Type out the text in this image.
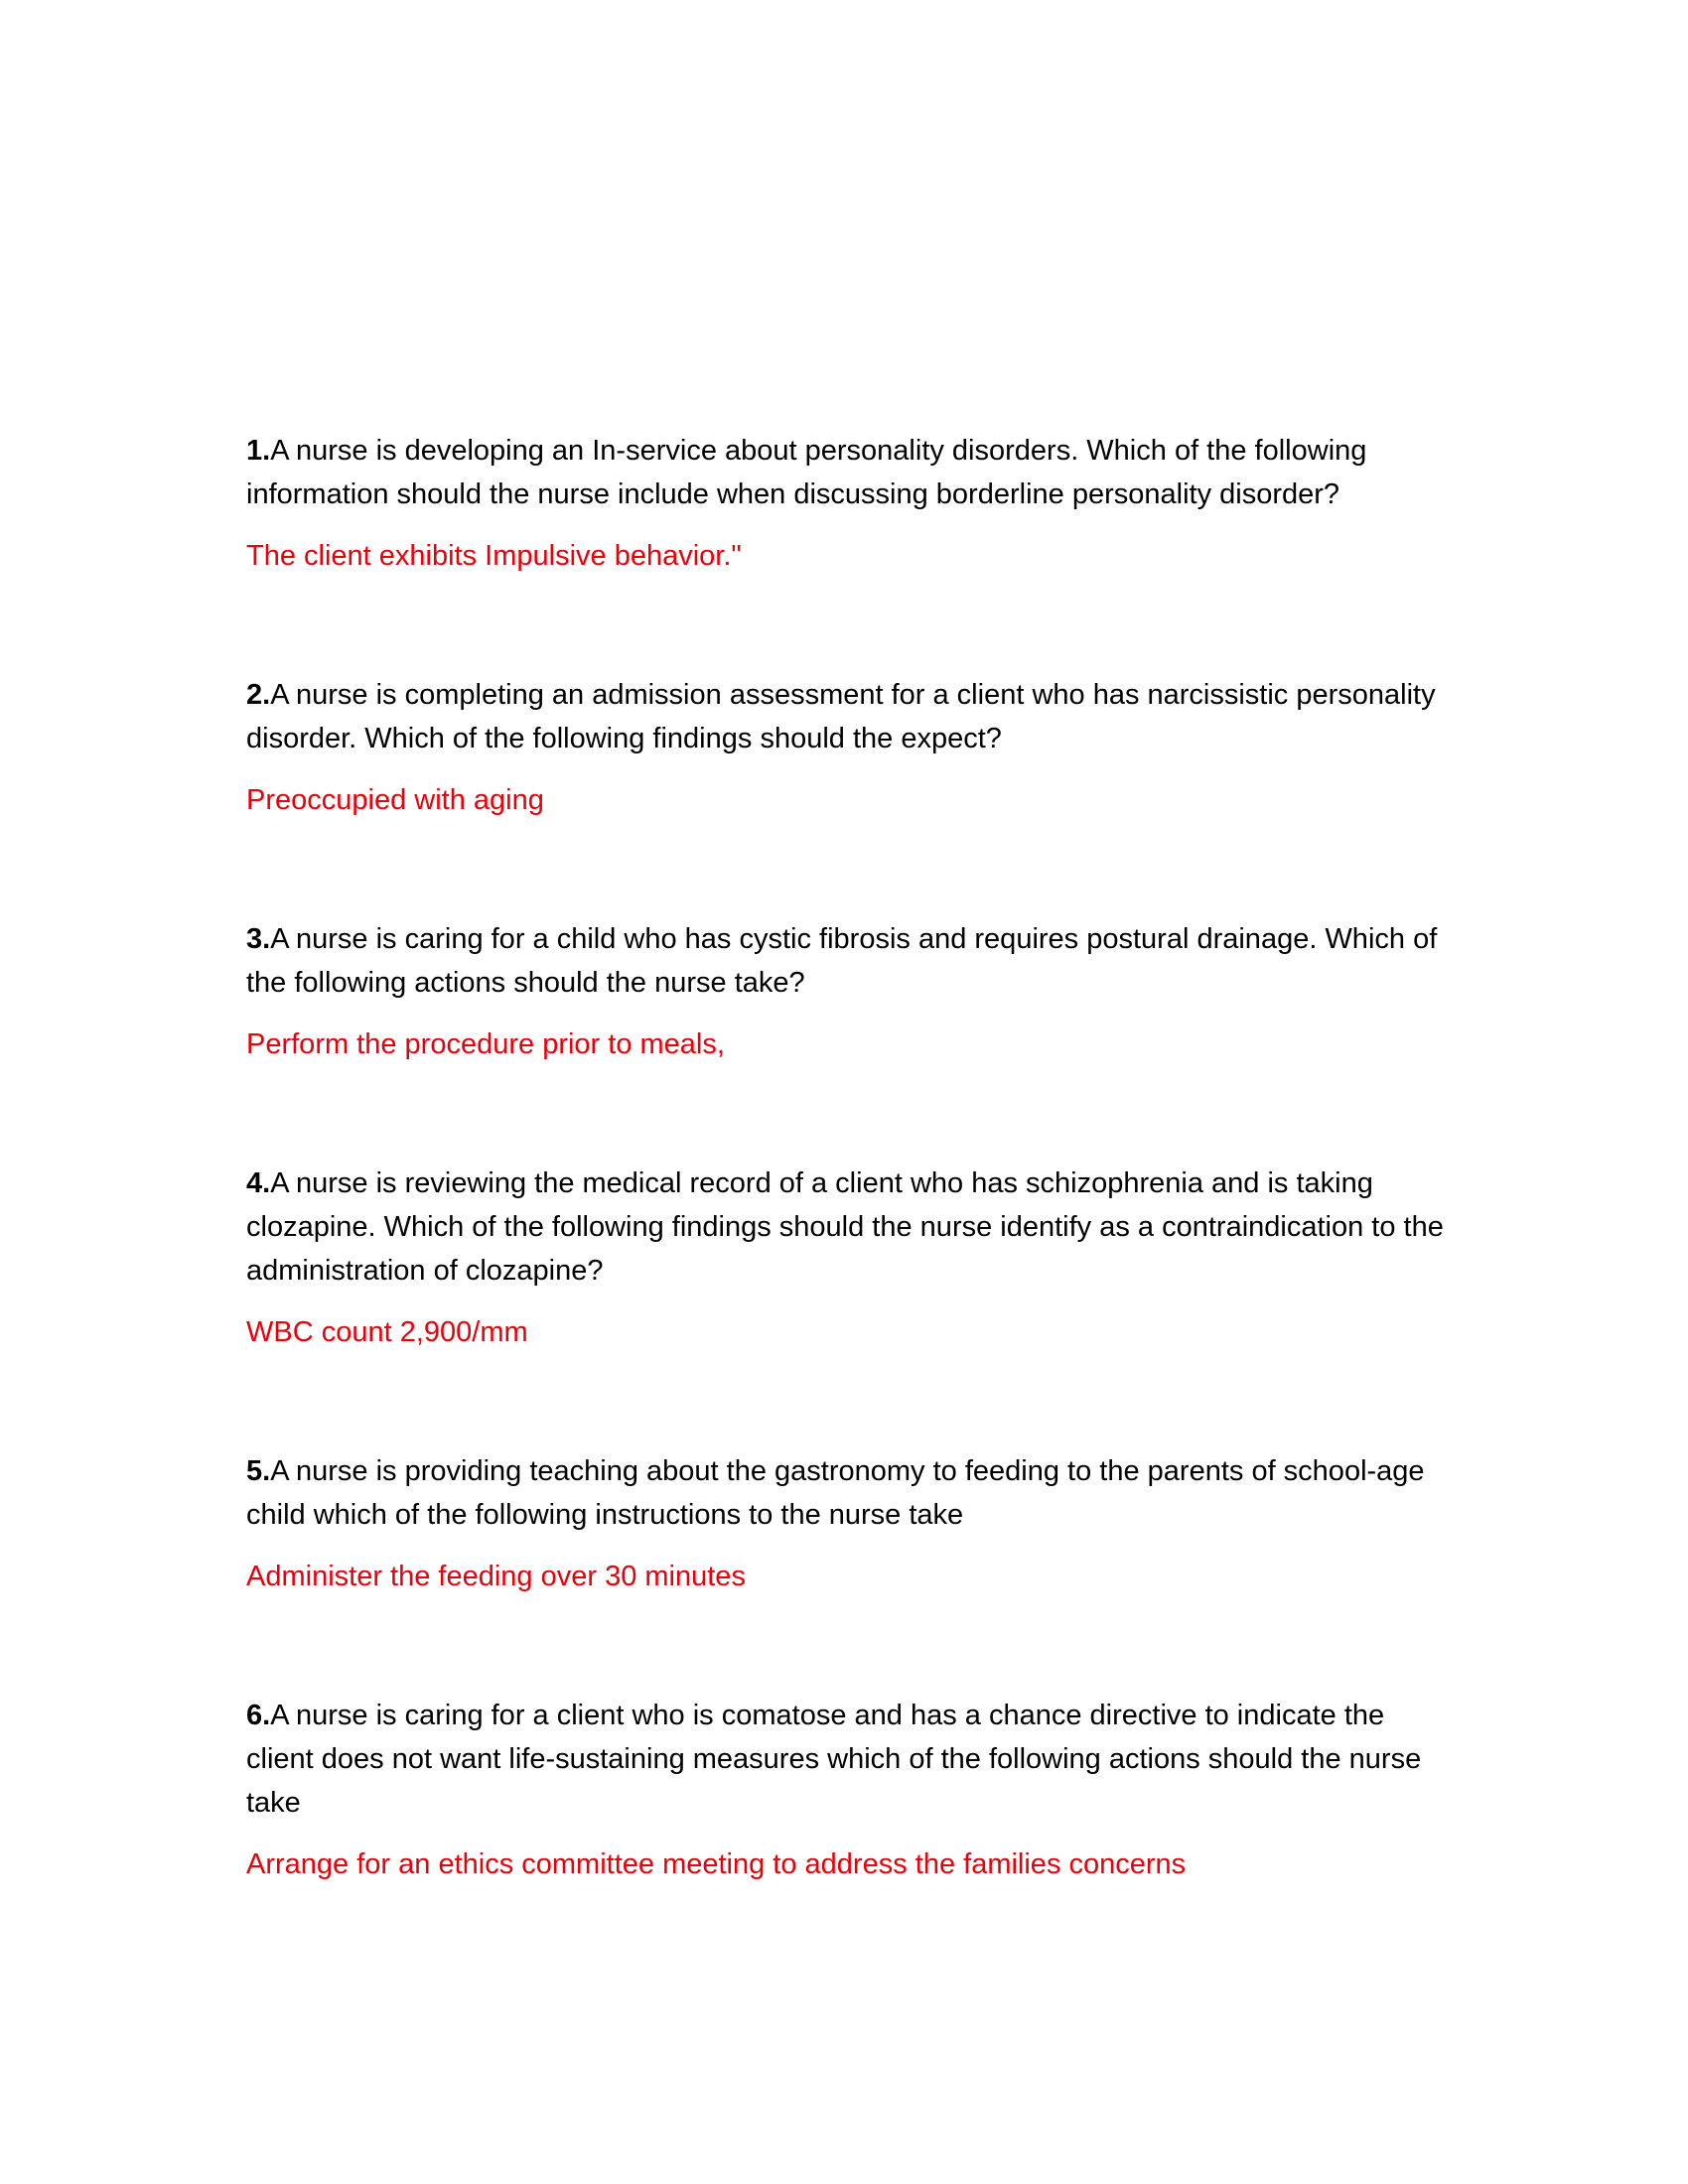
1.A nurse is developing an In-service about personality disorders. Which of the following information should the nurse include when discussing borderline personality disorder?

The client exhibits Impulsive behavior."

2.A nurse is completing an admission assessment for a client who has narcissistic personality disorder. Which of the following findings should the expect?

Preoccupied with aging

3.A nurse is caring for a child who has cystic fibrosis and requires postural drainage. Which of the following actions should the nurse take?

Perform the procedure prior to meals,

4.A nurse is reviewing the medical record of a client who has schizophrenia and is taking clozapine. Which of the following findings should the nurse identify as a contraindication to the administration of clozapine?

WBC count 2,900/mm

5.A nurse is providing teaching about the gastronomy to feeding to the parents of school-age child which of the following instructions to the nurse take

Administer the feeding over 30 minutes

6.A nurse is caring for a client who is comatose and has a chance directive to indicate the client does not want life-sustaining measures which of the following actions should the nurse take

Arrange for an ethics committee meeting to address the families concerns
